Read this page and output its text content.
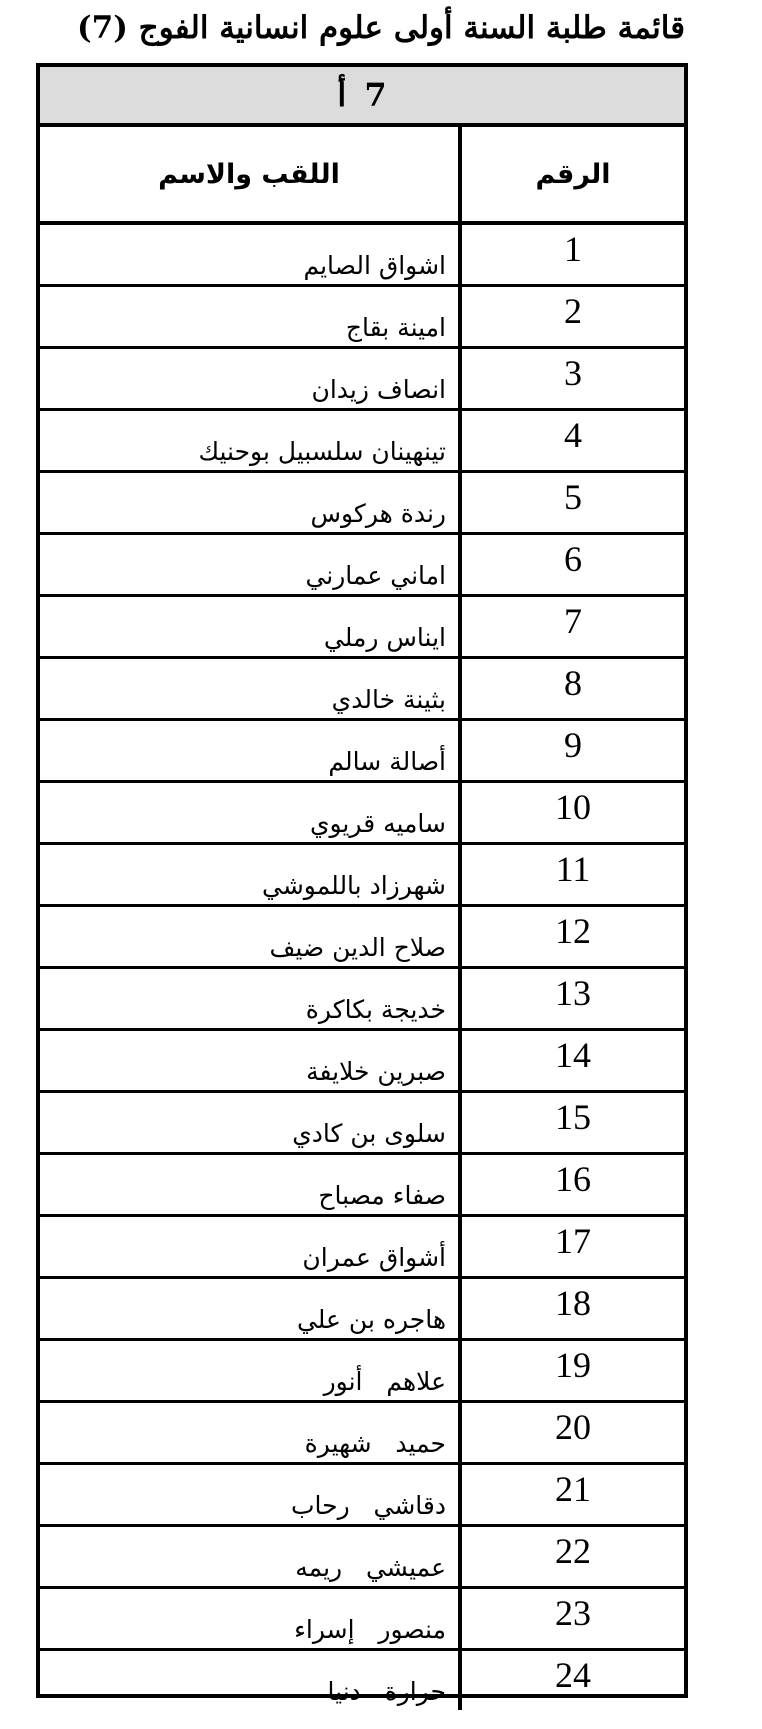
قائمة طلبة السنة أولى علوم انسانية الفوج (7)
7
أ
اللقب والاسم	الرقم
اشواق الصايم	1
امينة بقاج	2
انصاف زيدان	3
تينهينان سلسبيل بوحنيك	4
رندة هركوس	5
اماني عمارني	6
ايناس رملي	7
بثينة خالدي	8
أصالة سالم	9
ساميه قريوي	10
شهرزاد باللموشي	11
صلاح الدين ضيف	12
خديجة بكاكرة	13
صبرين خلايفة	14
سلوى بن كادي	15
صفاء مصباح	16
أشواق عمران	17
هاجره بن علي	18
علاهم   أنور	19
حميد   شهيرة	20
دقاشي   رحاب	21
عميشي   ريمه	22
منصور   إسراء	23
حرارة   دنيا	24
